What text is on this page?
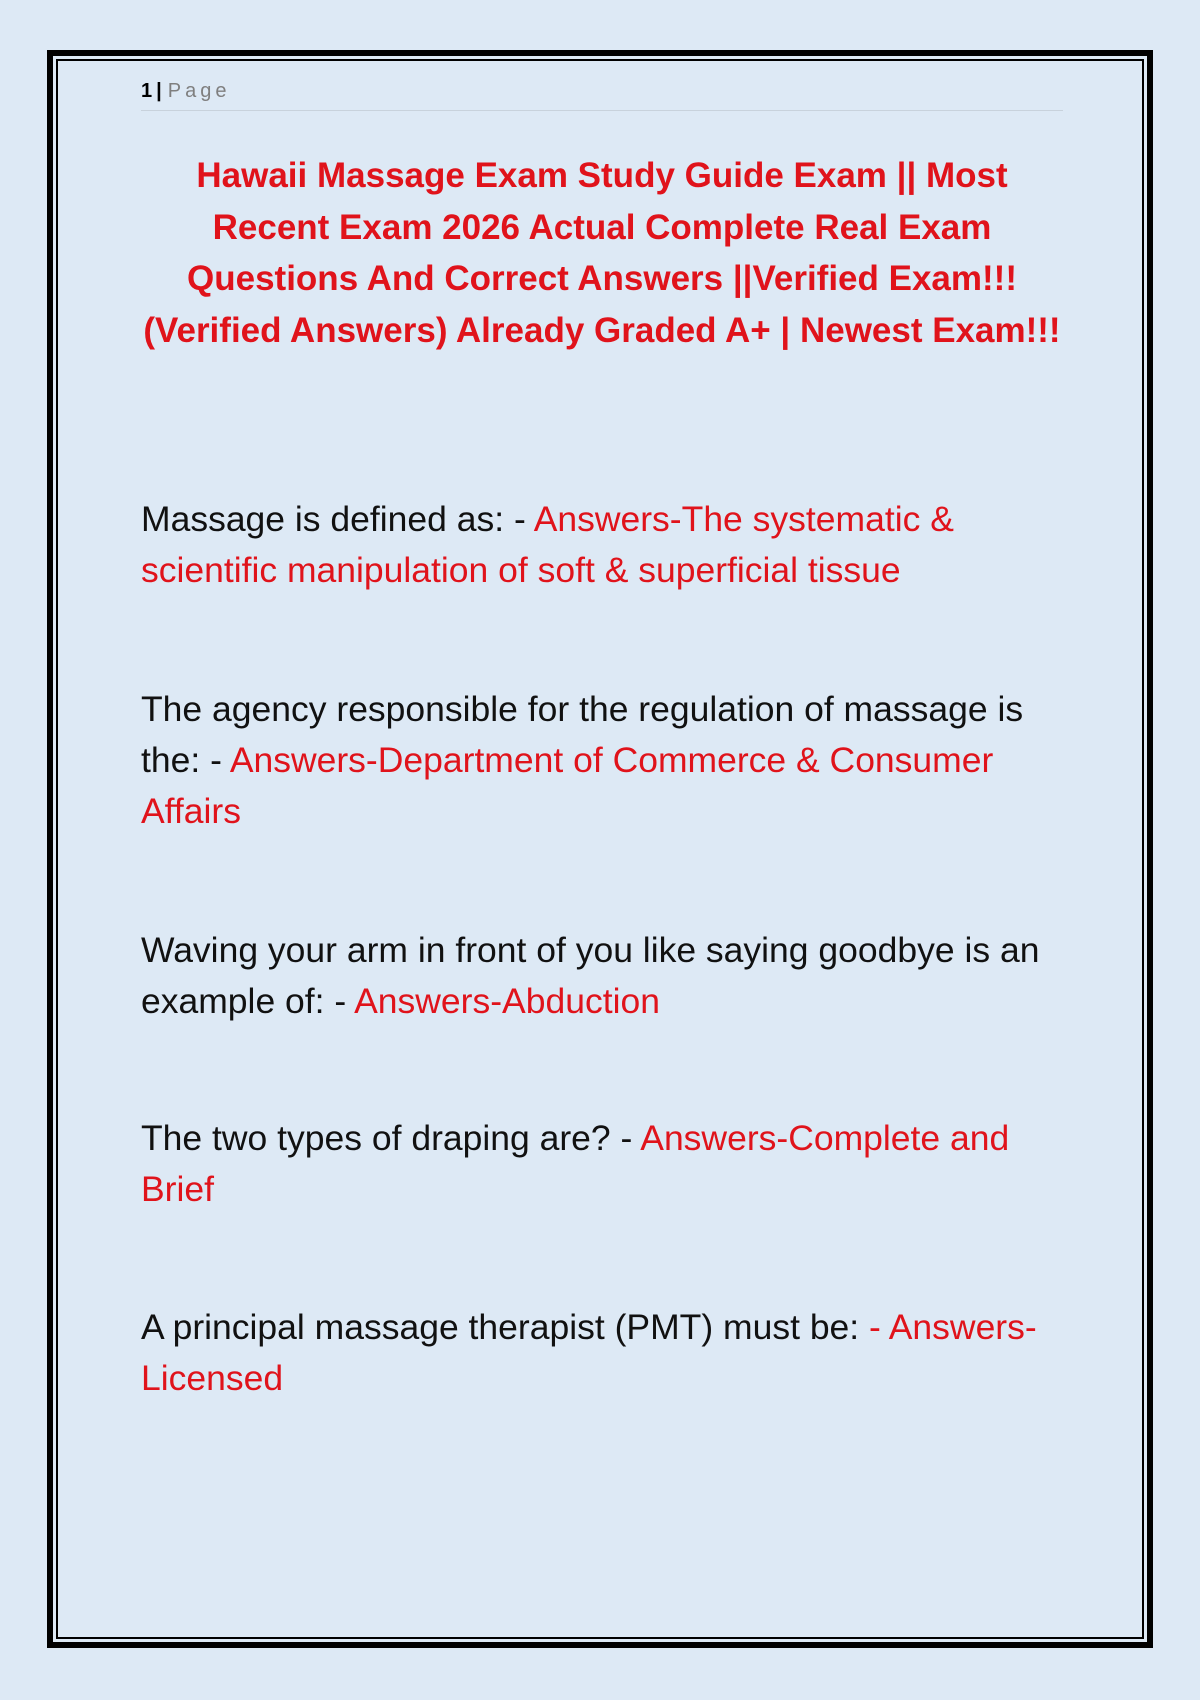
1 | Page
Hawaii Massage Exam Study Guide Exam || Most Recent Exam 2026 Actual Complete Real Exam Questions And Correct Answers ||Verified Exam!!!(Verified Answers) Already Graded A+ | Newest Exam!!!

Massage is defined as: - Answers-The systematic & scientific manipulation of soft & superficial tissue

The agency responsible for the regulation of massage is the: - Answers-Department of Commerce & Consumer Affairs

Waving your arm in front of you like saying goodbye is an example of: - Answers-Abduction

The two types of draping are? - Answers-Complete and Brief

A principal massage therapist (PMT) must be: - Answers-Licensed
